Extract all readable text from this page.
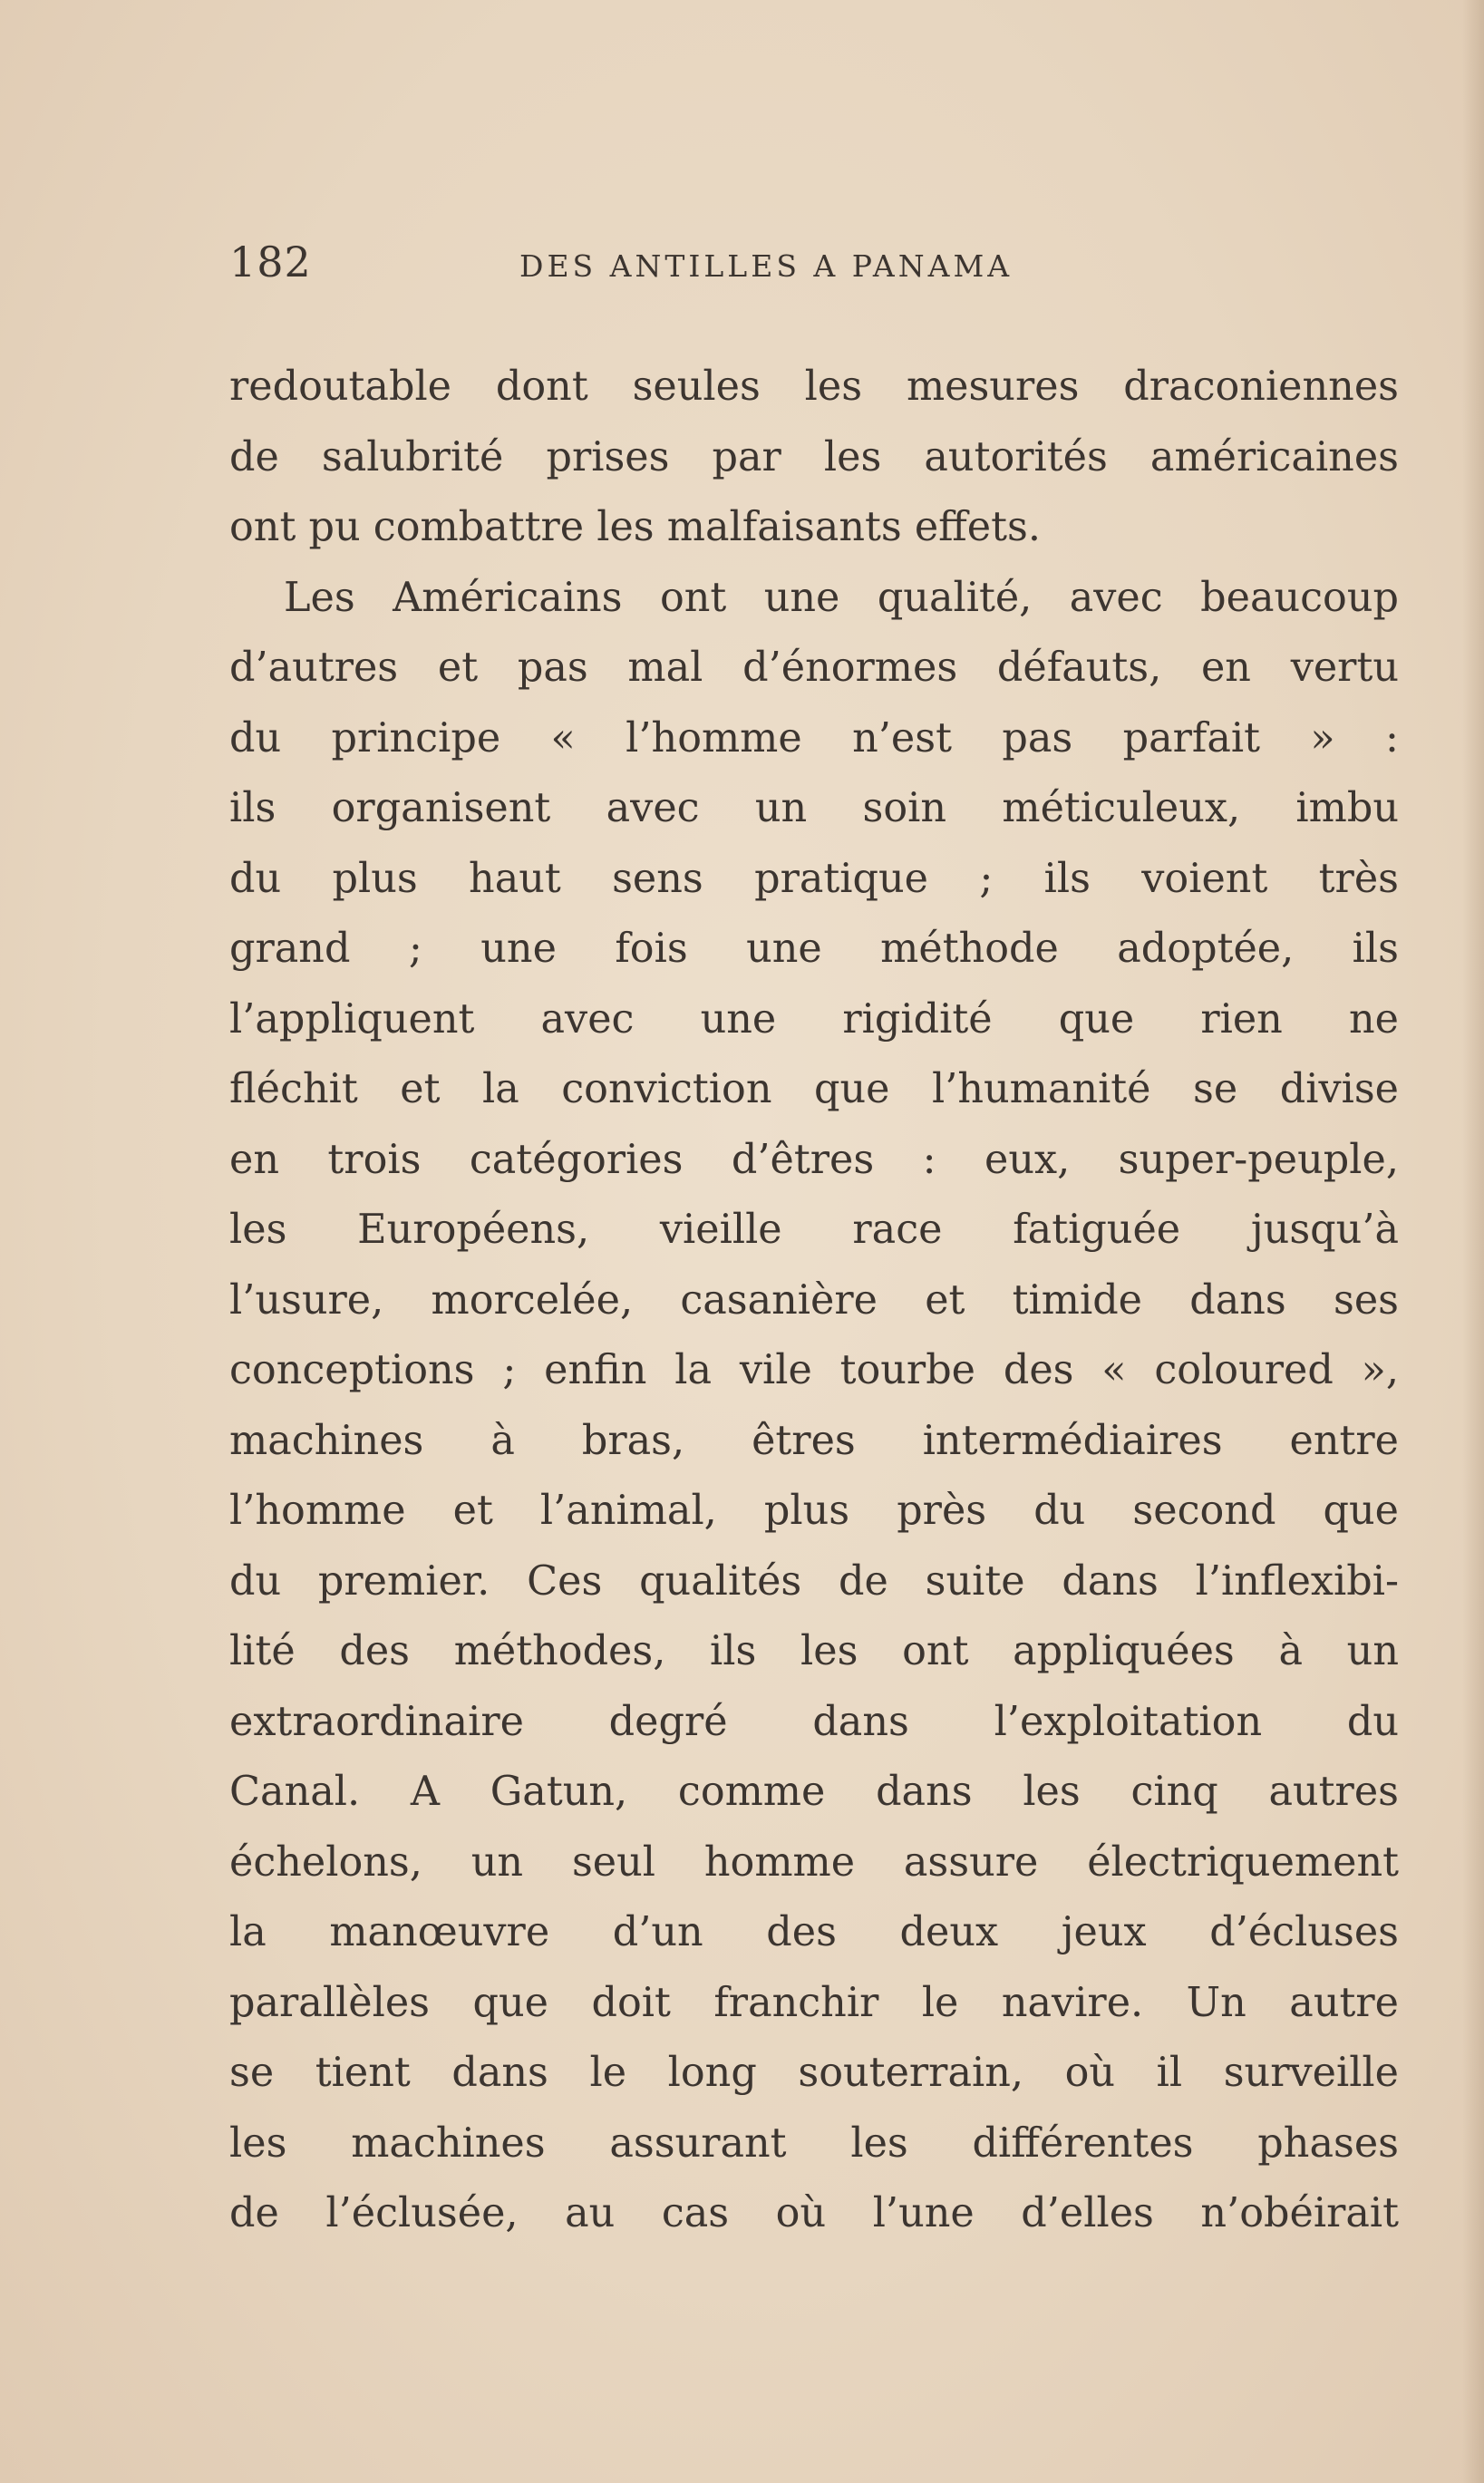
182	DES ANTILLES A PANAMA
redoutable dont seules les mesures draconiennes
de salubrité prises par les autorités américaines
ont pu combattre les malfaisants effets.
Les Américains ont une qualité, avec beaucoup
d’autres et pas mal d’énormes défauts, en vertu
du principe « l’homme n’est pas parfait » :
ils organisent avec un soin méticuleux, imbu
du plus haut sens pratique ; ils voient très
grand ; une fois une méthode adoptée, ils
l’appliquent avec une rigidité que rien ne
fléchit et la conviction que l’humanité se divise
en trois catégories d’êtres : eux, super-peuple,
les Européens, vieille race fatiguée jusqu’à
l’usure, morcelée, casanière et timide dans ses
conceptions ; enfin la vile tourbe des « coloured »,
machines à bras, êtres intermédiaires entre
l’homme et l’animal, plus près du second que
du premier. Ces qualités de suite dans l’inflexibi-
lité des méthodes, ils les ont appliquées à un
extraordinaire degré dans l’exploitation du
Canal. A Gatun, comme dans les cinq autres
échelons, un seul homme assure électriquement
la manœuvre d’un des deux jeux d’écluses
parallèles que doit franchir le navire. Un autre
se tient dans le long souterrain, où il surveille
les machines assurant les différentes phases
de l’éclusée, au cas où l’une d’elles n’obéirait
